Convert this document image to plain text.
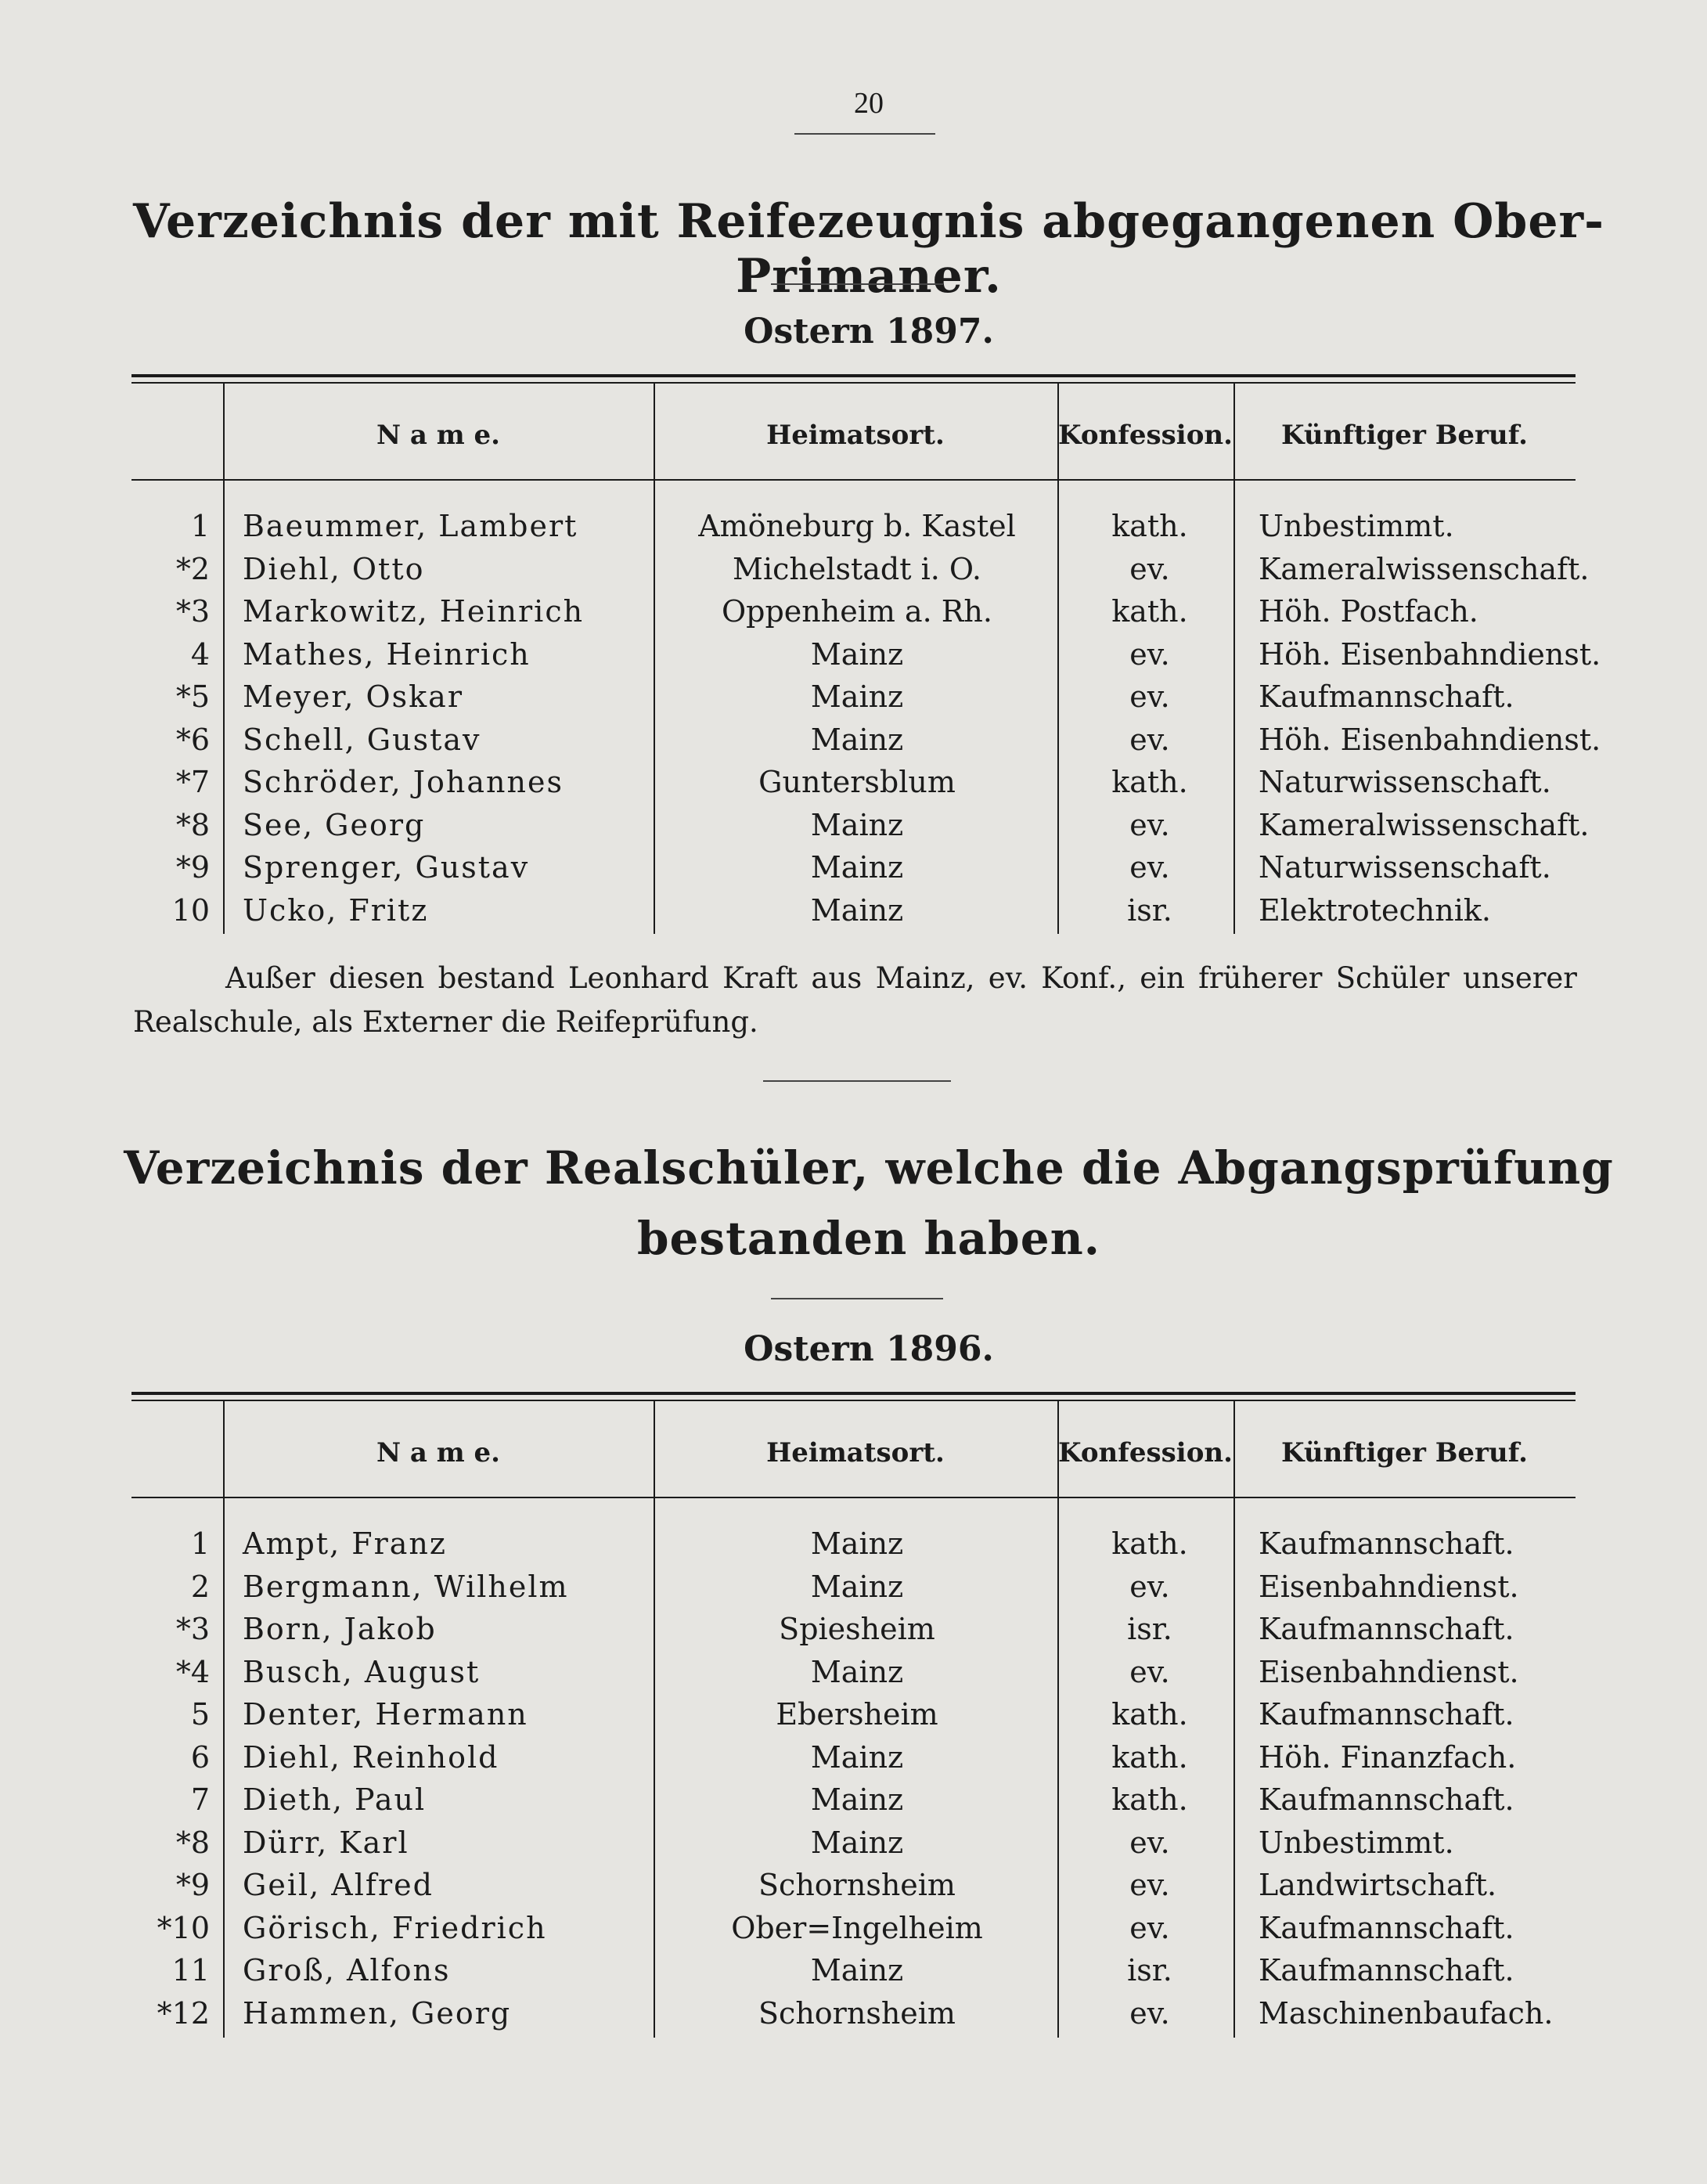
20
Verzeichnis der mit Reifezeugnis abgegangenen Ober-Primaner.
Ostern 1897.
N a m e.	Heimatsort.	Konfession.	Künftiger Beruf.
1 Baeummer, Lambert	Amöneburg b. Kastel	kath.	Unbestimmt.
*2 Diehl, Otto	Michelstadt i. O.	ev.	Kameralwissenschaft.
*3 Markowitz, Heinrich	Oppenheim a. Rh.	kath.	Höh. Postfach.
4 Mathes, Heinrich	Mainz	ev.	Höh. Eisenbahndienst.
*5 Meyer, Oskar	Mainz	ev.	Kaufmannschaft.
*6 Schell, Gustav	Mainz	ev.	Höh. Eisenbahndienst.
*7 Schröder, Johannes	Guntersblum	kath.	Naturwissenschaft.
*8 See, Georg	Mainz	ev.	Kameralwissenschaft.
*9 Sprenger, Gustav	Mainz	ev.	Naturwissenschaft.
10 Ucko, Fritz	Mainz	isr.	Elektrotechnik.
Außer diesen bestand Leonhard Kraft aus Mainz, ev. Konf., ein früherer Schüler unserer
Realschule, als Externer die Reifeprüfung.
Verzeichnis der Realschüler, welche die Abgangsprüfung
bestanden haben.
Ostern 1896.
N a m e.	Heimatsort.	Konfession.	Künftiger Beruf.
1 Ampt, Franz	Mainz	kath.	Kaufmannschaft.
2 Bergmann, Wilhelm	Mainz	ev.	Eisenbahndienst.
*3 Born, Jakob	Spiesheim	isr.	Kaufmannschaft.
*4 Busch, August	Mainz	ev.	Eisenbahndienst.
5 Denter, Hermann	Ebersheim	kath.	Kaufmannschaft.
6 Diehl, Reinhold	Mainz	kath.	Höh. Finanzfach.
7 Dieth, Paul	Mainz	kath.	Kaufmannschaft.
*8 Dürr, Karl	Mainz	ev.	Unbestimmt.
*9 Geil, Alfred	Schornsheim	ev.	Landwirtschaft.
*10 Görisch, Friedrich	Ober=Ingelheim	ev.	Kaufmannschaft.
11 Groß, Alfons	Mainz	isr.	Kaufmannschaft.
*12 Hammen, Georg	Schornsheim	ev.	Maschinenbaufach.
